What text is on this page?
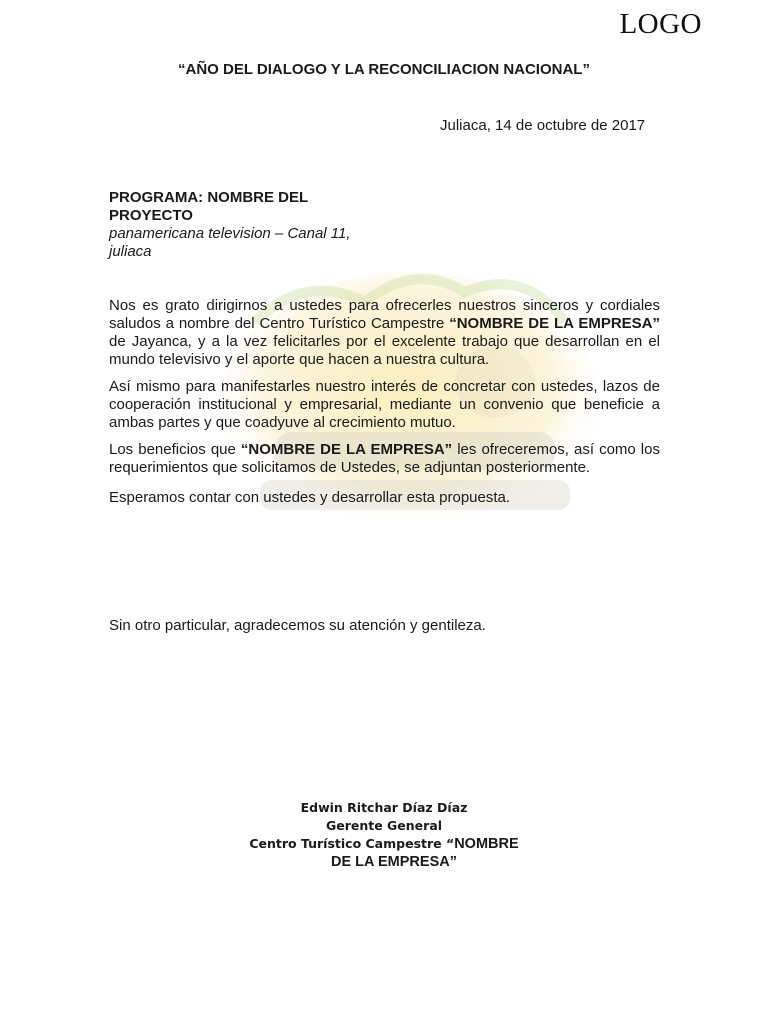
LOGO
“AÑO DEL DIALOGO Y LA RECONCILIACION NACIONAL”
Juliaca, 14 de octubre de 2017
PROGRAMA: NOMBRE DEL
PROYECTO
panamericana television – Canal 11,
juliaca
Nos es grato dirigirnos a ustedes para ofrecerles nuestros sinceros y cordiales saludos a nombre del Centro Turístico Campestre “NOMBRE DE LA EMPRESA” de Jayanca, y a la vez felicitarles por el excelente trabajo que desarrollan en el mundo televisivo y el aporte que hacen a nuestra cultura.
Así mismo para manifestarles nuestro interés de concretar con ustedes, lazos de cooperación institucional y empresarial, mediante un convenio que beneficie a ambas partes y que coadyuve al crecimiento mutuo.
Los beneficios que “NOMBRE DE LA EMPRESA” les ofreceremos, así como los requerimientos que solicitamos de Ustedes, se adjuntan posteriormente.
Esperamos contar con ustedes y desarrollar esta propuesta.
Sin otro particular, agradecemos su atención y gentileza.
Edwin Ritchar Díaz Díaz
Gerente General
Centro Turístico Campestre “NOMBRE
DE LA EMPRESA”
